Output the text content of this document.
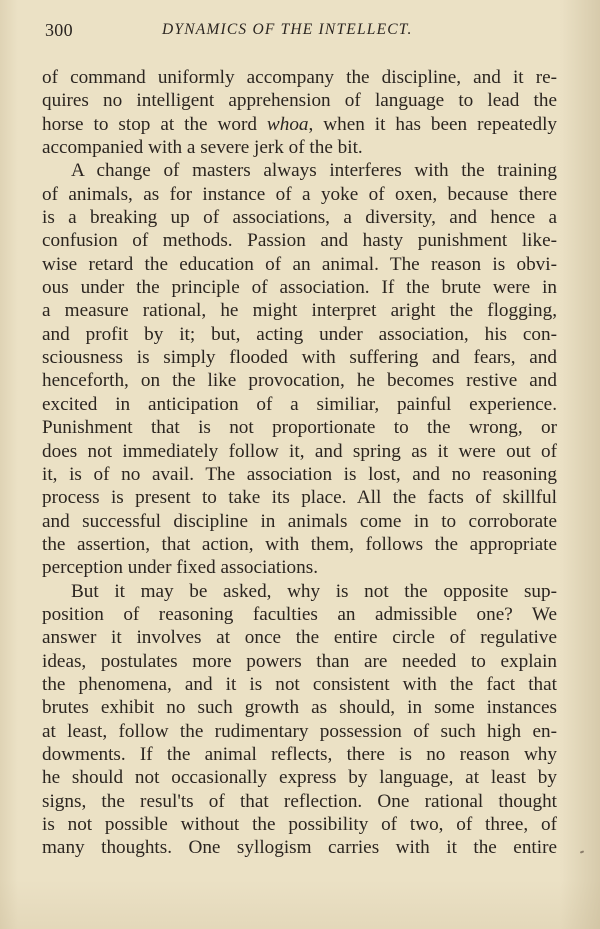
300	DYNAMICS OF THE INTELLECT.
of command uniformly accompany the discipline, and it re-
quires no intelligent apprehension of language to lead the
horse to stop at the word whoa, when it has been repeatedly
accompanied with a severe jerk of the bit.
A change of masters always interferes with the training
of animals, as for instance of a yoke of oxen, because there
is a breaking up of associations, a diversity, and hence a
confusion of methods. Passion and hasty punishment like-
wise retard the education of an animal. The reason is obvi-
ous under the principle of association. If the brute were in
a measure rational, he might interpret aright the flogging,
and profit by it; but, acting under association, his con-
sciousness is simply flooded with suffering and fears, and
henceforth, on the like provocation, he becomes restive and
excited in anticipation of a similiar, painful experience.
Punishment that is not proportionate to the wrong, or
does not immediately follow it, and spring as it were out of
it, is of no avail. The association is lost, and no reasoning
process is present to take its place. All the facts of skillful
and successful discipline in animals come in to corroborate
the assertion, that action, with them, follows the appropriate
perception under fixed associations.
But it may be asked, why is not the opposite sup-
position of reasoning faculties an admissible one? We
answer it involves at once the entire circle of regulative
ideas, postulates more powers than are needed to explain
the phenomena, and it is not consistent with the fact that
brutes exhibit no such growth as should, in some instances
at least, follow the rudimentary possession of such high en-
dowments. If the animal reflects, there is no reason why
he should not occasionally express by language, at least by
signs, the resul'ts of that reflection. One rational thought
is not possible without the possibility of two, of three, of
many thoughts. One syllogism carries with it the entire
